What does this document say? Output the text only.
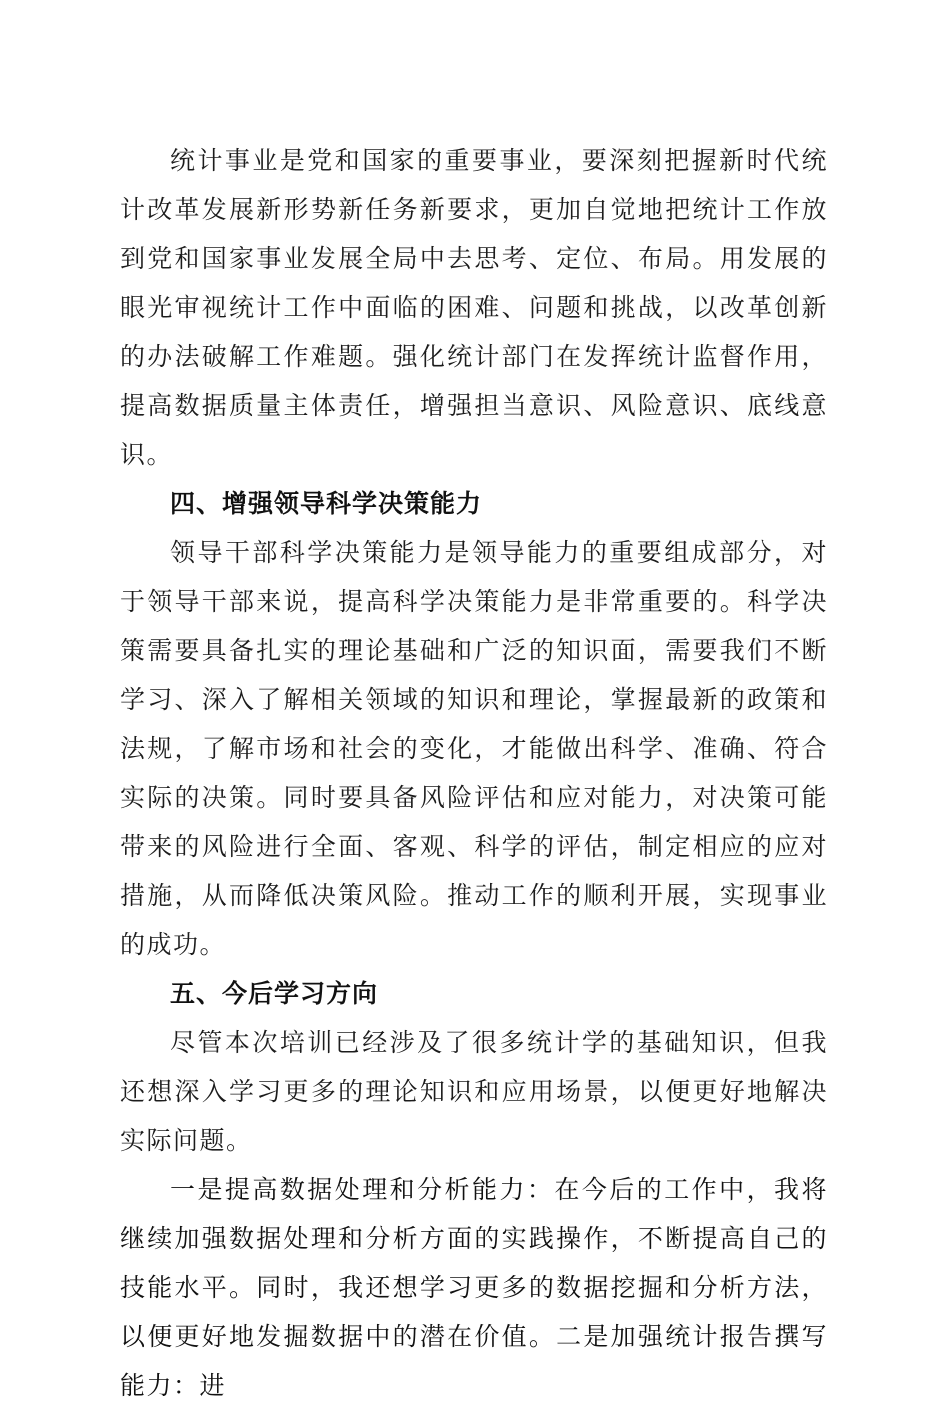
统计事业是党和国家的重要事业，要深刻把握新时代统计改革发展新形势新任务新要求，更加自觉地把统计工作放到党和国家事业发展全局中去思考、定位、布局。用发展的眼光审视统计工作中面临的困难、问题和挑战，以改革创新的办法破解工作难题。强化统计部门在发挥统计监督作用，提高数据质量主体责任，增强担当意识、风险意识、底线意识。

四、增强领导科学决策能力

领导干部科学决策能力是领导能力的重要组成部分，对于领导干部来说，提高科学决策能力是非常重要的。科学决策需要具备扎实的理论基础和广泛的知识面，需要我们不断学习、深入了解相关领域的知识和理论，掌握最新的政策和法规，了解市场和社会的变化，才能做出科学、准确、符合实际的决策。同时要具备风险评估和应对能力，对决策可能带来的风险进行全面、客观、科学的评估，制定相应的应对措施，从而降低决策风险。推动工作的顺利开展，实现事业的成功。

五、今后学习方向

尽管本次培训已经涉及了很多统计学的基础知识，但我还想深入学习更多的理论知识和应用场景，以便更好地解决实际问题。

一是提高数据处理和分析能力：在今后的工作中，我将继续加强数据处理和分析方面的实践操作，不断提高自己的技能水平。同时，我还想学习更多的数据挖掘和分析方法，以便更好地发掘数据中的潜在价值。二是加强统计报告撰写能力：进
